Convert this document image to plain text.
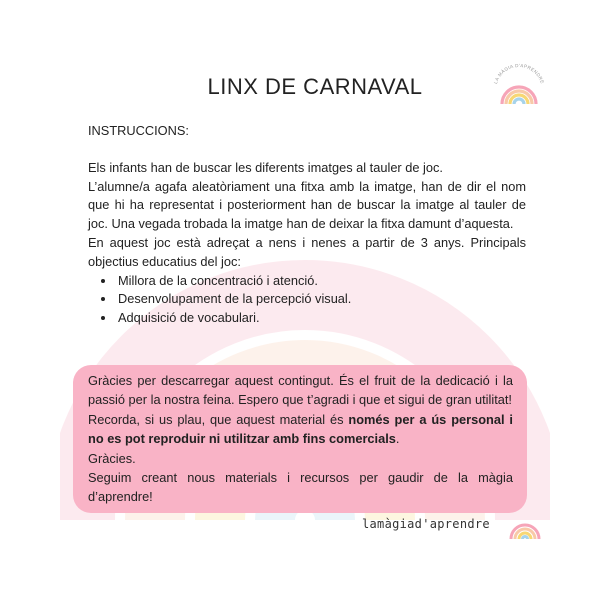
LINX DE CARNAVAL	LA MÀGIA D'APRENDRE
INSTRUCCIONS:

Els infants han de buscar les diferents imatges al tauler de joc.

L’alumne/a agafa aleatòriament una fitxa amb la imatge, han de dir el nom que hi ha representat i posteriorment han de buscar la imatge al tauler de joc. Una vegada trobada la imatge han de deixar la fitxa damunt d’aquesta.

En aquest joc està adreçat a nens i nenes a partir de 3 anys. Principals objectius educatius del joc:

• Millora de la concentració i atenció.
• Desenvolupament de la percepció visual.
• Adquisició de vocabulari.

Gràcies per descarregar aquest contingut. És el fruit de la dedicació i la passió per la nostra feina. Espero que t’agradi i que et sigui de gran utilitat!

Recorda, si us plau, que aquest material és només per a ús personal i no es pot reproduir ni utilitzar amb fins comercials.

Gràcies.

Seguim creant nous materials i recursos per gaudir de la màgia d’aprendre!

lamàgiad'aprendre
